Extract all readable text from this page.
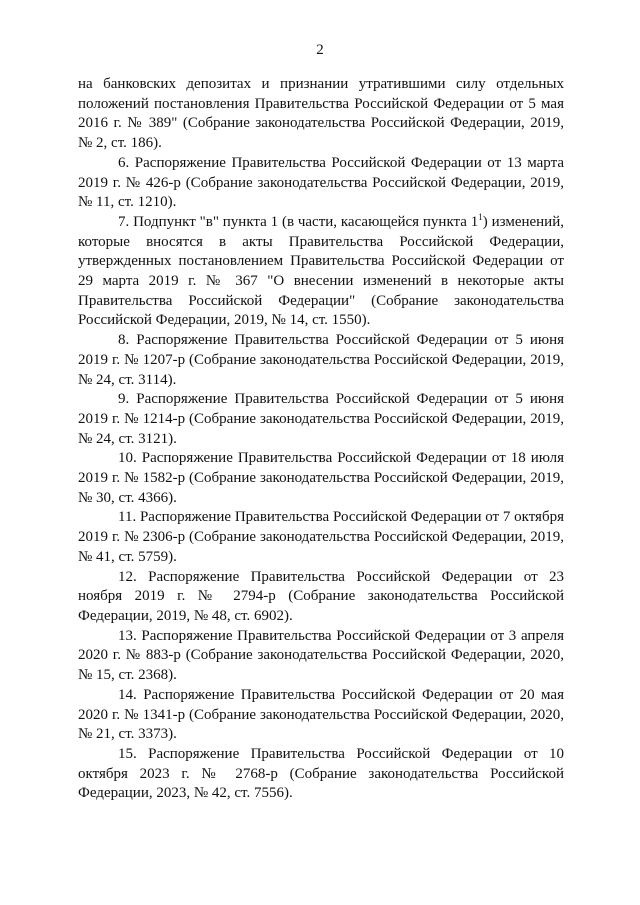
2

на банковских депозитах и признании утратившими силу отдельных положений постановления Правительства Российской Федерации от 5 мая 2016 г. № 389" (Собрание законодательства Российской Федерации, 2019, № 2, ст. 186).

6. Распоряжение Правительства Российской Федерации от 13 марта 2019 г. № 426-р (Собрание законодательства Российской Федерации, 2019, № 11, ст. 1210).

7. Подпункт "в" пункта 1 (в части, касающейся пункта $1^1$) изменений, которые вносятся в акты Правительства Российской Федерации, утвержденных постановлением Правительства Российской Федерации от 29 марта 2019 г. № 367 "О внесении изменений в некоторые акты Правительства Российской Федерации" (Собрание законодательства Российской Федерации, 2019, № 14, ст. 1550).

8. Распоряжение Правительства Российской Федерации от 5 июня 2019 г. № 1207-р (Собрание законодательства Российской Федерации, 2019, № 24, ст. 3114).

9. Распоряжение Правительства Российской Федерации от 5 июня 2019 г. № 1214-р (Собрание законодательства Российской Федерации, 2019, № 24, ст. 3121).

10. Распоряжение Правительства Российской Федерации от 18 июля 2019 г. № 1582-р (Собрание законодательства Российской Федерации, 2019, № 30, ст. 4366).

11. Распоряжение Правительства Российской Федерации от 7 октября 2019 г. № 2306-р (Собрание законодательства Российской Федерации, 2019, № 41, ст. 5759).

12. Распоряжение Правительства Российской Федерации от 23 ноября 2019 г. № 2794-р (Собрание законодательства Российской Федерации, 2019, № 48, ст. 6902).

13. Распоряжение Правительства Российской Федерации от 3 апреля 2020 г. № 883-р (Собрание законодательства Российской Федерации, 2020, № 15, ст. 2368).

14. Распоряжение Правительства Российской Федерации от 20 мая 2020 г. № 1341-р (Собрание законодательства Российской Федерации, 2020, № 21, ст. 3373).

15. Распоряжение Правительства Российской Федерации от 10 октября 2023 г. № 2768-р (Собрание законодательства Российской Федерации, 2023, № 42, ст. 7556).
